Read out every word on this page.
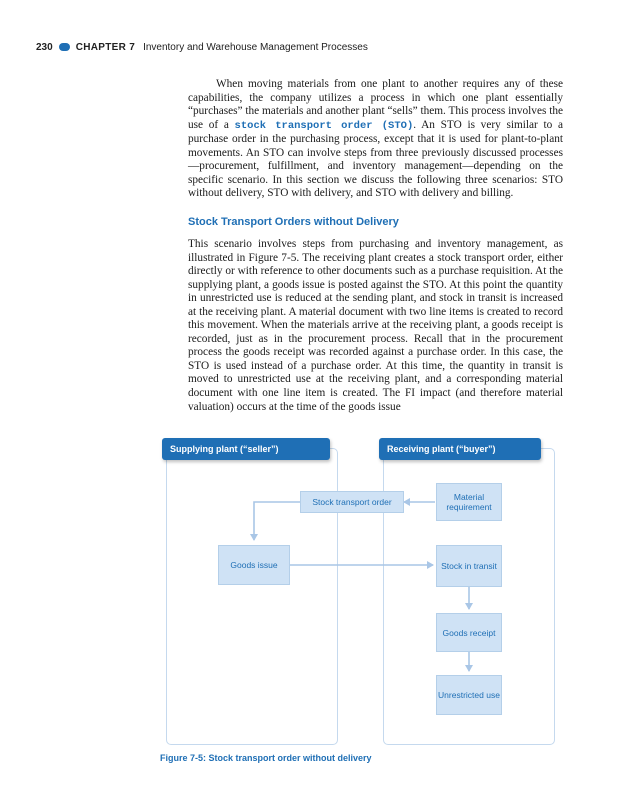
230 CHAPTER 7 Inventory and Warehouse Management Processes

When moving materials from one plant to another requires any of these capabilities, the company utilizes a process in which one plant essentially “purchases” the materials and another plant “sells” them. This process involves the use of a stock transport order (STO). An STO is very similar to a purchase order in the purchasing process, except that it is used for plant-to-plant movements. An STO can involve steps from three previously discussed processes—procurement, fulfillment, and inventory management—depending on the specific scenario. In this section we discuss the following three scenarios: STO without delivery, STO with delivery, and STO with delivery and billing.

Stock Transport Orders without Delivery

This scenario involves steps from purchasing and inventory management, as illustrated in Figure 7-5. The receiving plant creates a stock transport order, either directly or with reference to other documents such as a purchase requisition. At the supplying plant, a goods issue is posted against the STO. At this point the quantity in unrestricted use is reduced at the sending plant, and stock in transit is increased at the receiving plant. A material document with two line items is created to record this movement. When the materials arrive at the receiving plant, a goods receipt is recorded, just as in the procurement process. Recall that in the procurement process the goods receipt was recorded against a purchase order. In this case, the STO is used instead of a purchase order. At this time, the quantity in transit is moved to unrestricted use at the receiving plant, and a corresponding material document with one line item is created. The FI impact (and therefore material valuation) occurs at the time of the goods issue

Supplying plant (“seller”)	Receiving plant (“buyer”)
Stock transport order	Material requirement
Goods issue	Stock in transit
Goods receipt
Unrestricted use

Figure 7-5: Stock transport order without delivery
